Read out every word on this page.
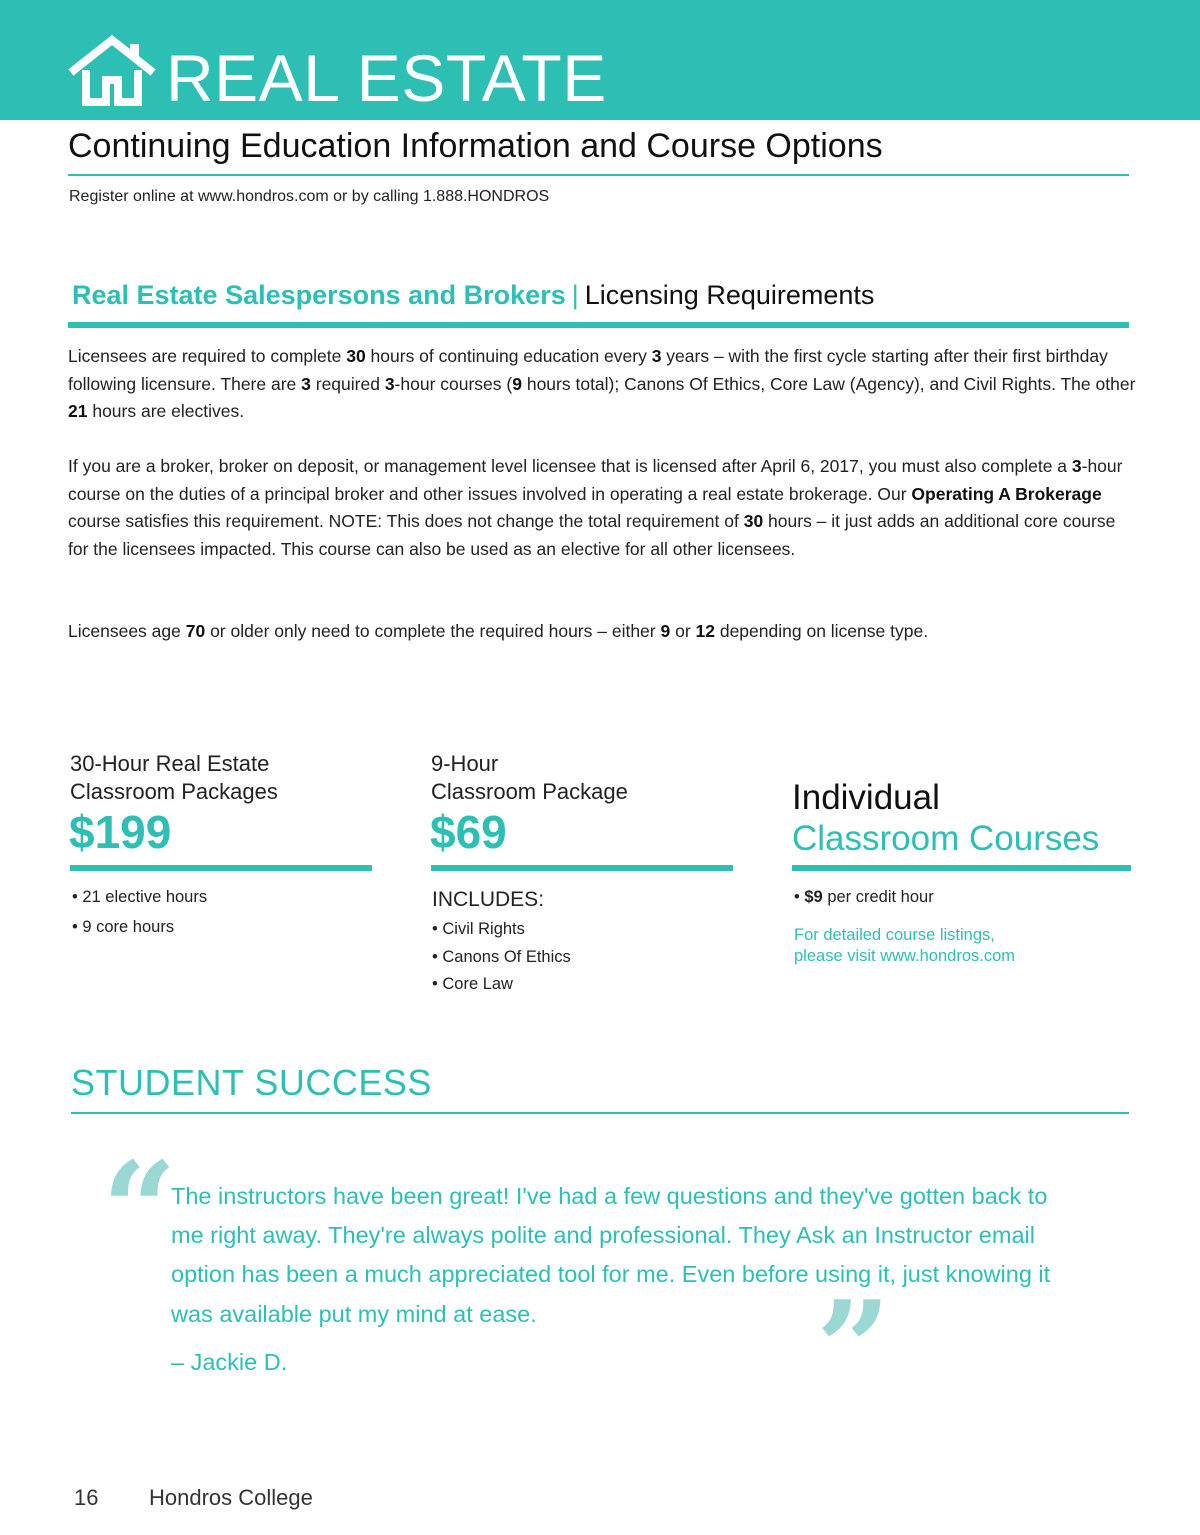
REAL ESTATE
Continuing Education Information and Course Options
Register online at www.hondros.com or by calling 1.888.HONDROS
Real Estate Salespersons and Brokers | Licensing Requirements

Licensees are required to complete 30 hours of continuing education every 3 years – with the first cycle starting after their first birthday following licensure. There are 3 required 3-hour courses (9 hours total); Canons Of Ethics, Core Law (Agency), and Civil Rights. The other 21 hours are electives.

If you are a broker, broker on deposit, or management level licensee that is licensed after April 6, 2017, you must also complete a 3-hour course on the duties of a principal broker and other issues involved in operating a real estate brokerage. Our Operating A Brokerage course satisfies this requirement. NOTE: This does not change the total requirement of 30 hours – it just adds an additional core course for the licensees impacted. This course can also be used as an elective for all other licensees.

Licensees age 70 or older only need to complete the required hours – either 9 or 12 depending on license type.

30-Hour Real Estate
Classroom Packages
$199
• 21 elective hours
• 9 core hours
9-Hour
Classroom Package
$69
INCLUDES:
• Civil Rights
• Canons Of Ethics
• Core Law
Individual
Classroom Courses
• $9 per credit hour
For detailed course listings,
please visit www.hondros.com
STUDENT SUCCESS
“

The instructors have been great! I've had a few questions and they've gotten back to me right away. They're always polite and professional. They Ask an Instructor email option has been a much appreciated tool for me. Even before using it, just knowing it was available put my mind at ease.	”
– Jackie D.
16 Hondros College
